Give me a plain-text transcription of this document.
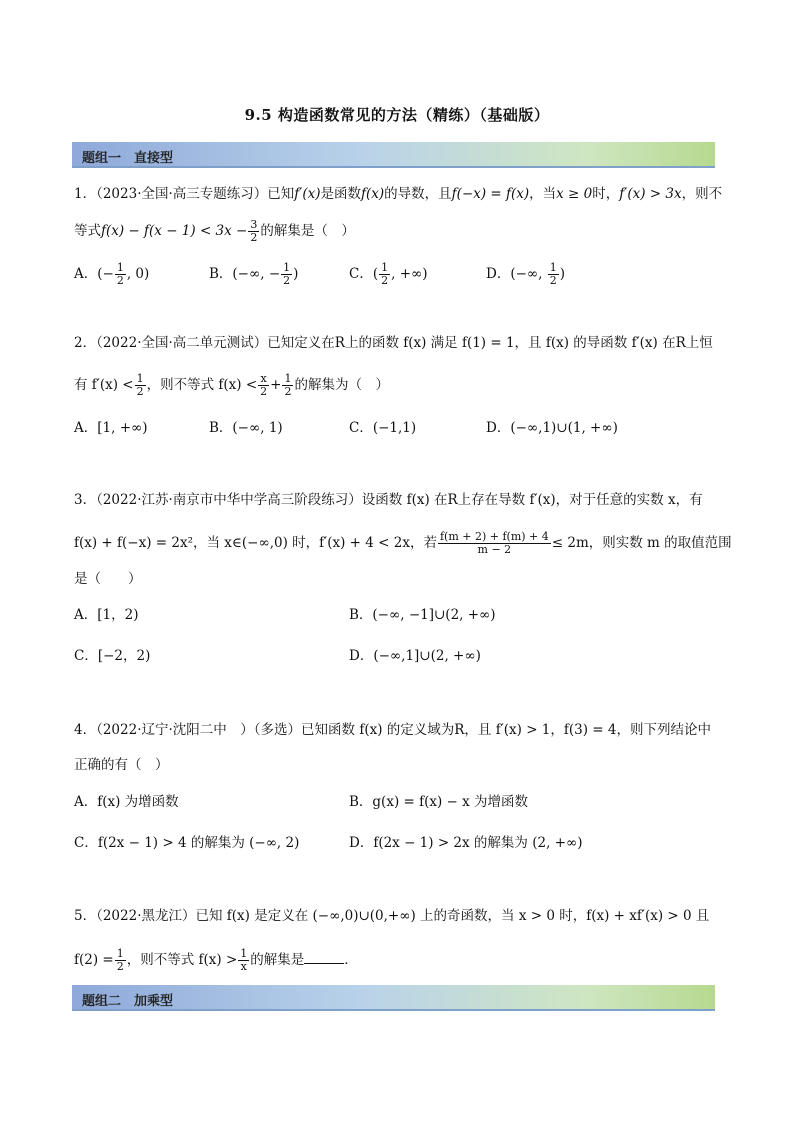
9.5 构造函数常见的方法（精练）（基础版）
题组一　直接型
1．（2023·全国·高三专题练习）已知f′(x)是函数f(x)的导数，且f(−x) = f(x)，当x ≥ 0时，f′(x) > 3x，则不
等式$f(x) - f(x - 1) < 3x - \frac{3}{2}$ 的解集是（　）
A．(− $\frac{1}{2}$ , 0)	B．(−∞, − $\frac{1}{2}$ )	C．( $\frac{1}{2}$ , +∞)	D．(−∞, $\frac{1}{2}$ )
2．（2022·全国·高二单元测试）已知定义在R上的函数 f(x) 满足 f(1) = 1，且 f(x) 的导函数 f′(x) 在R上恒
有 $f'(x) < \frac{1}{2}$ ，则不等式 $f(x) < \frac{x}{2} + \frac{1}{2}$ 的解集为（　）
A．[1, +∞)	B．(−∞, 1)	C．(−1,1)	D．(−∞,1)∪(1, +∞)
3．（2022·江苏·南京市中华中学高三阶段练习）设函数 f(x) 在R上存在导数 f′(x)，对于任意的实数 x，有
f(x) + f(−x) = 2x²，当 x∈(−∞,0) 时，f′(x) + 4 < 2x，若 $\frac{f(m + 2) + f(m) + 4}{m - 2} \le 2m$，则实数 m 的取值范围
是（　　）
A．[1，2)	B．(−∞, −1]∪(2, +∞)
C．[−2，2)	D．(−∞,1]∪(2, +∞)
4．（2022·辽宁·沈阳二中　）（多选）已知函数 f(x) 的定义域为R，且 f′(x) > 1，f(3) = 4，则下列结论中
正确的有（　）
A．f(x) 为增函数	B．g(x) = f(x) − x 为增函数
C．f(2x − 1) > 4 的解集为 (−∞, 2)	D．f(2x − 1) > 2x 的解集为 (2, +∞)
5．（2022·黑龙江）已知 f(x) 是定义在 (−∞,0)∪(0,+∞) 上的奇函数，当 x > 0 时，f(x) + xf′(x) > 0 且
$f(2) = \frac{1}{2}$ ，则不等式 $f(x) > \frac{1}{x}$ 的解集是	．
题组二　加乘型
